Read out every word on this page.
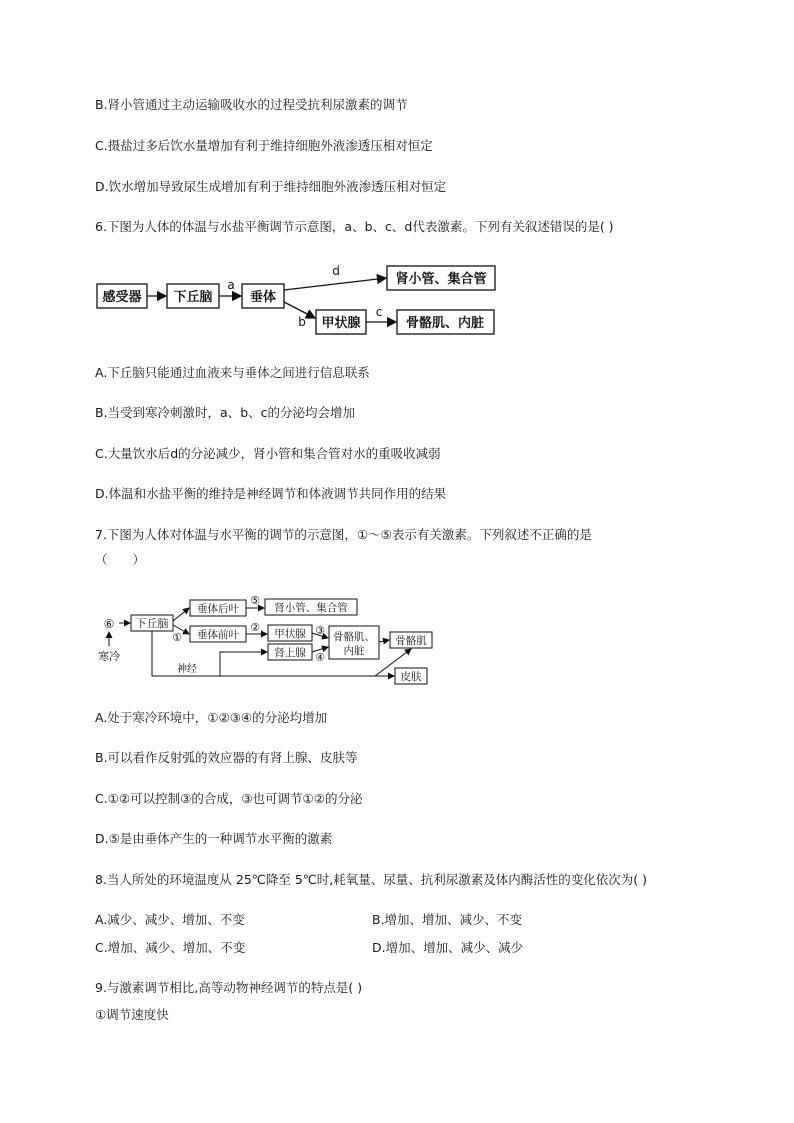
B.肾小管通过主动运输吸收水的过程受抗利尿激素的调节
C.摄盐过多后饮水量增加有利于维持细胞外液渗透压相对恒定
D.饮水增加导致尿生成增加有利于维持细胞外液渗透压相对恒定
6.下图为人体的体温与水盐平衡调节示意图，a、b、c、d代表激素。下列有关叙述错误的是( )
感受器 下丘脑	垂体
肾小管、集合管
甲状腺	骨骼肌、内脏
a
b
c
d
A.下丘脑只能通过血液来与垂体之间进行信息联系
B.当受到寒冷刺激时，a、b、c的分泌均会增加
C.大量饮水后d的分泌减少，肾小管和集合管对水的重吸收减弱
D.体温和水盐平衡的维持是神经调节和体液调节共同作用的结果
7.下图为人体对体温与水平衡的调节的示意图，①～⑤表示有关激素。下列叙述不正确的是
（　　）
⑥
寒冷
下丘脑
垂体后叶
垂体前叶
肾小管、集合管
甲状腺
肾上腺
骨骼肌、
内脏
骨骼肌
皮肤
神经
①
②	③
④
⑤
A.处于寒冷环境中，①②③④的分泌均增加
B.可以看作反射弧的效应器的有肾上腺、皮肤等
C.①②可以控制③的合成，③也可调节①②的分泌
D.⑤是由垂体产生的一种调节水平衡的激素
8.当人所处的环境温度从 25℃降至 5℃时,耗氧量、尿量、抗利尿激素及体内酶活性的变化依次为( )
A.减少、减少、增加、不变	B.增加、增加、减少、不变
C.增加、减少、增加、不变	D.增加、增加、减少、减少
9.与激素调节相比,高等动物神经调节的特点是( )
①调节速度快
